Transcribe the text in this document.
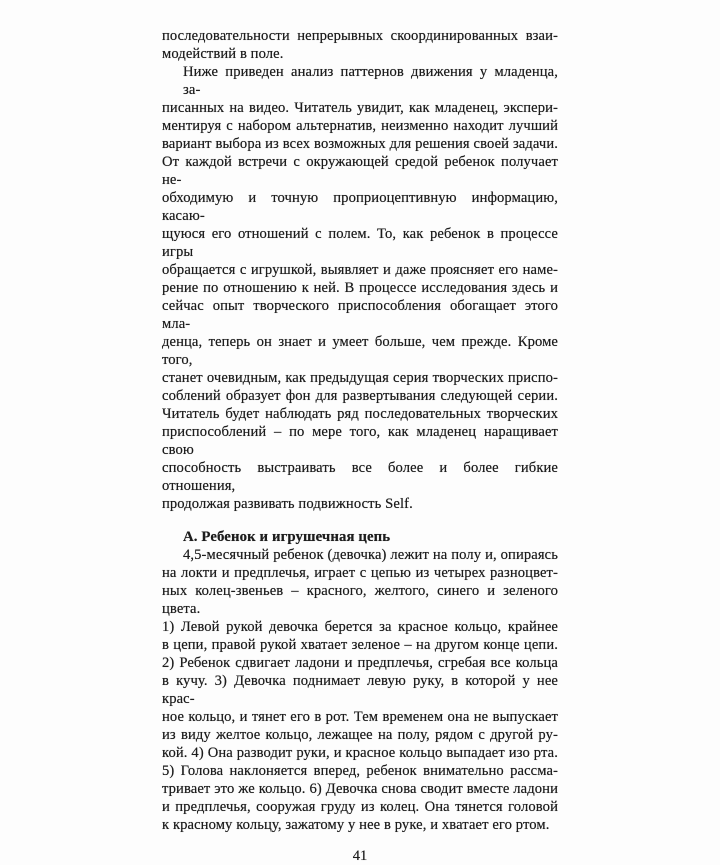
последовательности непрерывных скоординированных взаи-
модействий в поле.
Ниже приведен анализ паттернов движения у младенца, за-
писанных на видео. Читатель увидит, как младенец, экспери-
ментируя с набором альтернатив, неизменно находит лучший
вариант выбора из всех возможных для решения своей задачи.
От каждой встречи с окружающей средой ребенок получает не-
обходимую и точную проприоцептивную информацию, касаю-
щуюся его отношений с полем. То, как ребенок в процессе игры
обращается с игрушкой, выявляет и даже проясняет его наме-
рение по отношению к ней. В процессе исследования здесь и
сейчас опыт творческого приспособления обогащает этого мла-
денца, теперь он знает и умеет больше, чем прежде. Кроме того,
станет очевидным, как предыдущая серия творческих приспо-
соблений образует фон для развертывания следующей серии.
Читатель будет наблюдать ряд последовательных творческих
приспособлений – по мере того, как младенец наращивает свою
способность выстраивать все более и более гибкие отношения,
продолжая развивать подвижность Self.
А. Ребенок и игрушечная цепь
4,5-месячный ребенок (девочка) лежит на полу и, опираясь
на локти и предплечья, играет с цепью из четырех разноцвет-
ных колец-звеньев – красного, желтого, синего и зеленого цвета.
1) Левой рукой девочка берется за красное кольцо, крайнее
в цепи, правой рукой хватает зеленое – на другом конце цепи.
2) Ребенок сдвигает ладони и предплечья, сгребая все кольца
в кучу. 3) Девочка поднимает левую руку, в которой у нее крас-
ное кольцо, и тянет его в рот. Тем временем она не выпускает
из виду желтое кольцо, лежащее на полу, рядом с другой ру-
кой. 4) Она разводит руки, и красное кольцо выпадает изо рта.
5) Голова наклоняется вперед, ребенок внимательно рассма-
тривает это же кольцо. 6) Девочка снова сводит вместе ладони
и предплечья, сооружая груду из колец. Она тянется головой
к красному кольцу, зажатому у нее в руке, и хватает его ртом.
41
